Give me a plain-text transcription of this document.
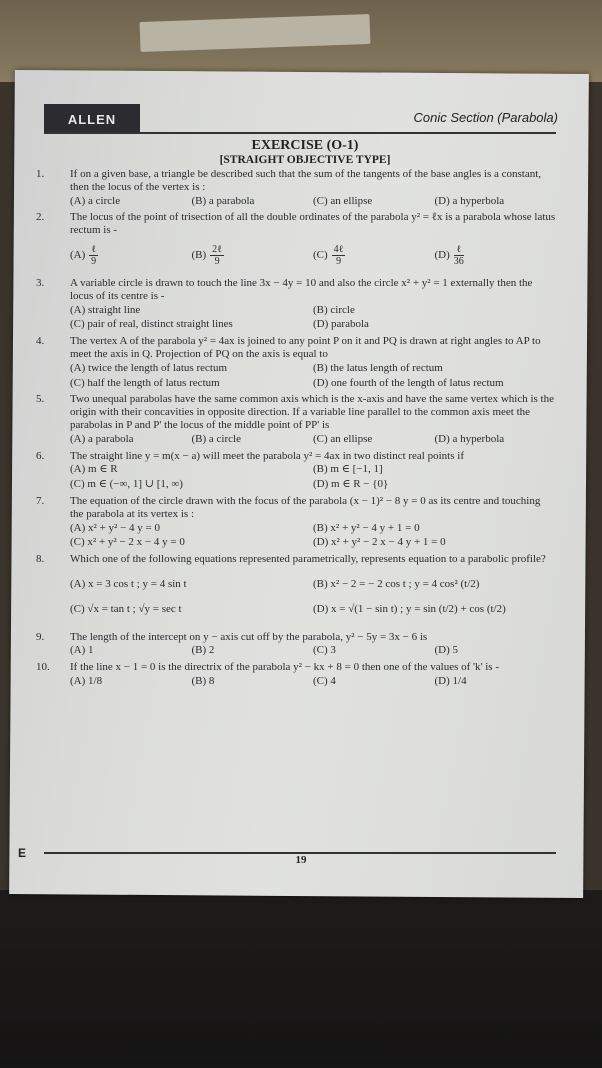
ALLEN	Conic Section (Parabola)
EXERCISE (O-1)
[STRAIGHT OBJECTIVE TYPE]
1.	If on a given base, a triangle be described such that the sum of the tangents of the base angles is a constant, then the locus of the vertex is :
(A) a circle	(B) a parabola	(C) an ellipse	(D) a hyperbola
2.	The locus of the point of trisection of all the double ordinates of the parabola y² = ℓx is a parabola whose latus rectum is -
$(A) \frac{\text{ℓ}}{9}$	$(B) \frac{\text{2ℓ}}{9}$	$(C) \frac{\text{4ℓ}}{9}$	$(D) \frac{\text{ℓ}}{36}$
3.	A variable circle is drawn to touch the line 3x − 4y = 10 and also the circle x² + y² = 1 externally then the locus of its centre is -
(A) straight line	(B) circle
(C) pair of real, distinct straight lines	(D) parabola
4.	The vertex A of the parabola y² = 4ax is joined to any point P on it and PQ is drawn at right angles to AP to meet the axis in Q. Projection of PQ on the axis is equal to
(A) twice the length of latus rectum	(B) the latus length of rectum
(C) half the length of latus rectum	(D) one fourth of the length of latus rectum
5.	Two unequal parabolas have the same common axis which is the x-axis and have the same vertex which is the origin with their concavities in opposite direction. If a variable line parallel to the common axis meet the parabolas in P and P' the locus of the middle point of PP' is
(A) a parabola	(B) a circle	(C) an ellipse	(D) a hyperbola
6.	The straight line y = m(x − a) will meet the parabola y² = 4ax in two distinct real points if
(A) m ∈ R	(B) m ∈ [−1, 1]
(C) m ∈ (−∞, 1] ∪ [1, ∞)	(D) m ∈ R − {0}
7.	The equation of the circle drawn with the focus of the parabola (x − 1)² − 8 y = 0 as its centre and touching the parabola at its vertex is :
(A) x² + y² − 4 y = 0	(B) x² + y² − 4 y + 1 = 0
(C) x² + y² − 2 x − 4 y = 0	(D) x² + y² − 2 x − 4 y + 1 = 0
8.	Which one of the following equations represented parametrically, represents equation to a parabolic profile?
(A) x = 3 cos t ; y = 4 sin t	(B) x² − 2 = − 2 cos t ; y = 4 cos² (t/2)
(C) √x = tan t ; √y = sec t	(D) x = √(1 − sin t) ; y = sin (t/2) + cos (t/2)
9.	The length of the intercept on y − axis cut off by the parabola, y² − 5y = 3x − 6 is
(A) 1	(B) 2	(C) 3	(D) 5
10.	If the line x − 1 = 0 is the directrix of the parabola y² − kx + 8 = 0 then one of the values of 'k' is -
(A) 1/8	(B) 8	(C) 4	(D) 1/4
E	19
